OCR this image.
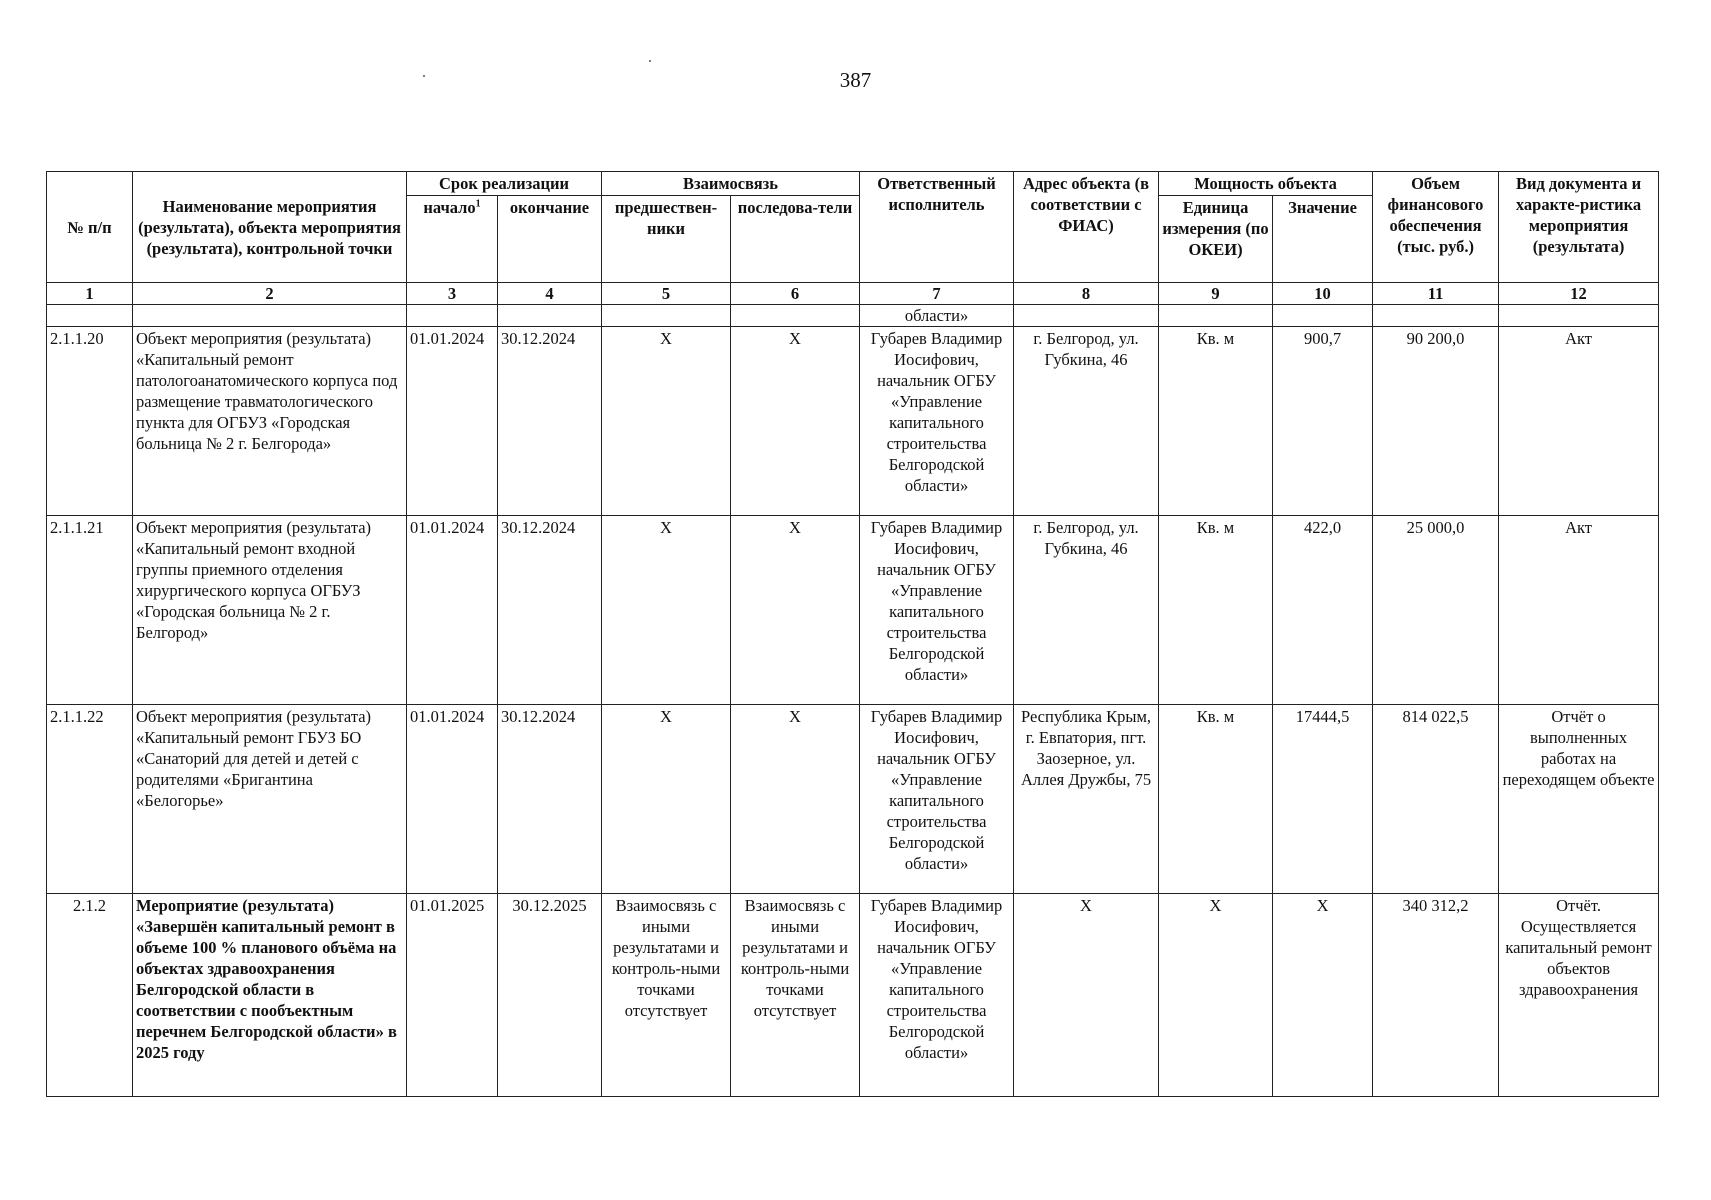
387
№ п/п	Наименование мероприятия (результата), объекта мероприятия (результата), контрольной точки	Срок реализации		Взаимосвязь		Ответственный исполнитель	Адрес объекта (в соответствии с ФИАС)	Мощность объекта		Объем финансового обеспечения (тыс. руб.)	Вид документа и характе-ристика мероприятия (результата)
		начало$^1$	окончание	предшествен-ники	последова-тели			Единица измерения (по ОКЕИ)	Значение		
1	2	3	4	5	6	7	8	9	10	11	12
						области»					
2.1.1.20	Объект мероприятия (результата) «Капитальный ремонт патологоанатомического корпуса под размещение травматологического пункта для ОГБУЗ «Городская больница № 2 г. Белгорода»	01.01.2024	30.12.2024	X	X	Губарев Владимир Иосифович, начальник ОГБУ «Управление капитального строительства Белгородской области»	г. Белгород, ул. Губкина, 46	Кв. м	900,7	90 200,0	Акт
2.1.1.21	Объект мероприятия (результата) «Капитальный ремонт входной группы приемного отделения хирургического корпуса ОГБУЗ «Городская больница № 2 г. Белгород»	01.01.2024	30.12.2024	X	X	Губарев Владимир Иосифович, начальник ОГБУ «Управление капитального строительства Белгородской области»	г. Белгород, ул. Губкина, 46	Кв. м	422,0	25 000,0	Акт
2.1.1.22	Объект мероприятия (результата) «Капитальный ремонт ГБУЗ БО «Санаторий для детей и детей с родителями «Бригантина «Белогорье»	01.01.2024	30.12.2024	X	X	Губарев Владимир Иосифович, начальник ОГБУ «Управление капитального строительства Белгородской области»	Республика Крым, г. Евпатория, пгт. Заозерное, ул. Аллея Дружбы, 75	Кв. м	17444,5	814 022,5	Отчёт о выполненных работах на переходящем объекте
2.1.2	Мероприятие (результата) «Завершён капитальный ремонт в объеме 100 % планового объёма на объектах здравоохранения Белгородской области в соответствии с пообъектным перечнем Белгородской области» в 2025 году	01.01.2025	30.12.2025	Взаимосвязь с иными результатами и контроль-ными точками отсутствует	Взаимосвязь с иными результатами и контроль-ными точками отсутствует	Губарев Владимир Иосифович, начальник ОГБУ «Управление капитального строительства Белгородской области»	X	X	X	340 312,2	Отчёт. Осуществляется капитальный ремонт объектов здравоохранения
